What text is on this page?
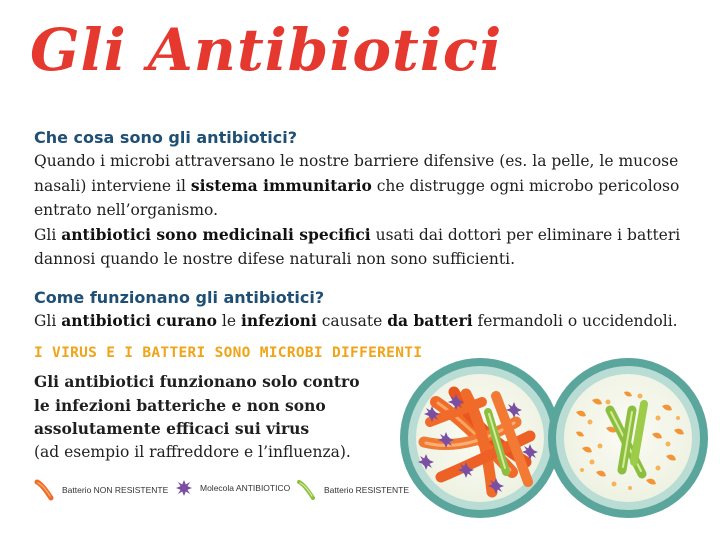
Gli Antibiotici
Che cosa sono gli antibiotici?

Quando i microbi attraversano le nostre barriere difensive (es. la pelle, le mucose nasali) interviene il sistema immunitario che distrugge ogni microbo pericoloso entrato nell’organismo.

Gli antibiotici sono medicinali specifici usati dai dottori per eliminare i batteri dannosi quando le nostre difese naturali non sono sufficienti.

Come funzionano gli antibiotici?

Gli antibiotici curano le infezioni causate da batteri fermandoli o uccidendoli.

I VIRUS E I BATTERI SONO MICROBI DIFFERENTI
Gli antibiotici funzionano solo contro
le infezioni batteriche e non sono
assolutamente efficaci sui virus
(ad esempio il raffreddore e l’influenza).
Batterio NON RESISTENTE	Molecola ANTIBIOTICO	Batterio RESISTENTE
